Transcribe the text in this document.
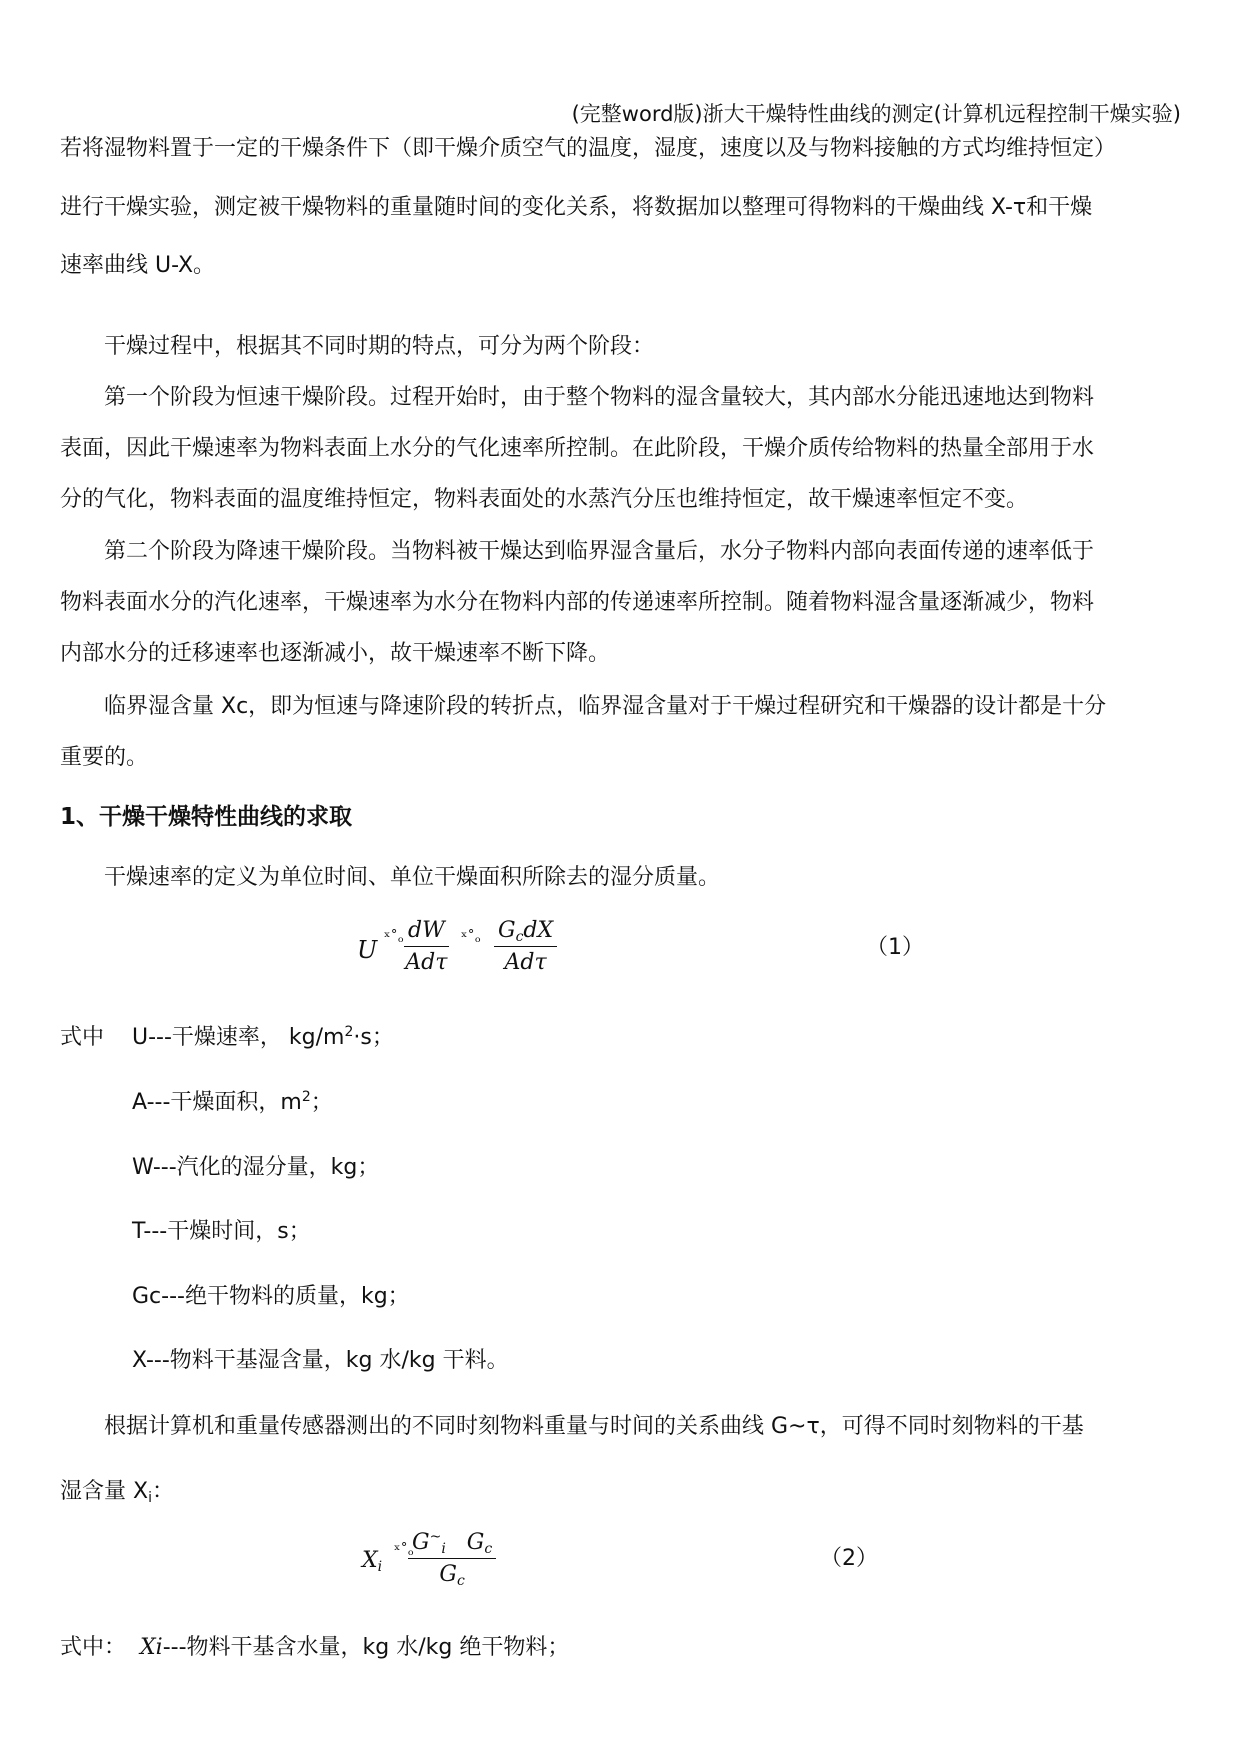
(完整word版)浙大干燥特性曲线的测定(计算机远程控制干燥实验)
若将湿物料置于一定的干燥条件下（即干燥介质空气的温度，湿度，速度以及与物料接触的方式均维持恒定）
进行干燥实验，测定被干燥物料的重量随时间的变化关系，将数据加以整理可得物料的干燥曲线 X-τ和干燥
速率曲线 U-X。
干燥过程中，根据其不同时期的特点，可分为两个阶段：
第一个阶段为恒速干燥阶段。过程开始时，由于整个物料的湿含量较大，其内部水分能迅速地达到物料
表面，因此干燥速率为物料表面上水分的气化速率所控制。在此阶段，干燥介质传给物料的热量全部用于水
分的气化，物料表面的温度维持恒定，物料表面处的水蒸汽分压也维持恒定，故干燥速率恒定不变。
第二个阶段为降速干燥阶段。当物料被干燥达到临界湿含量后，水分子物料内部向表面传递的速率低于
物料表面水分的汽化速率，干燥速率为水分在物料内部的传递速率所控制。随着物料湿含量逐渐减少，物料
内部水分的迁移速率也逐渐减小，故干燥速率不断下降。
临界湿含量 Xc，即为恒速与降速阶段的转折点，临界湿含量对于干燥过程研究和干燥器的设计都是十分
重要的。
1、干燥干燥特性曲线的求取
干燥速率的定义为单位时间、单位干燥面积所除去的湿分质量。
U ˣ˚ₒ dW
Adτ
ˣ˚ₒ $G_cdX$
Adτ
（1）
式中 U---干燥速率， $kg/m^2\cdot s$；
A---干燥面积，$m^2$；
W---汽化的湿分量，kg；
T---干燥时间，s；
Gc---绝干物料的质量，kg；
X---物料干基湿含量，kg 水/kg 干料。
根据计算机和重量传感器测出的不同时刻物料重量与时间的关系曲线 G~τ，可得不同时刻物料的干基
湿含量 $X_i$：
$X_i$
ˣ˚ₒ
$\frac{G^\sim_i G_c}{G_c}$	（2）
式中： Xi---物料干基含水量，kg 水/kg 绝干物料；
